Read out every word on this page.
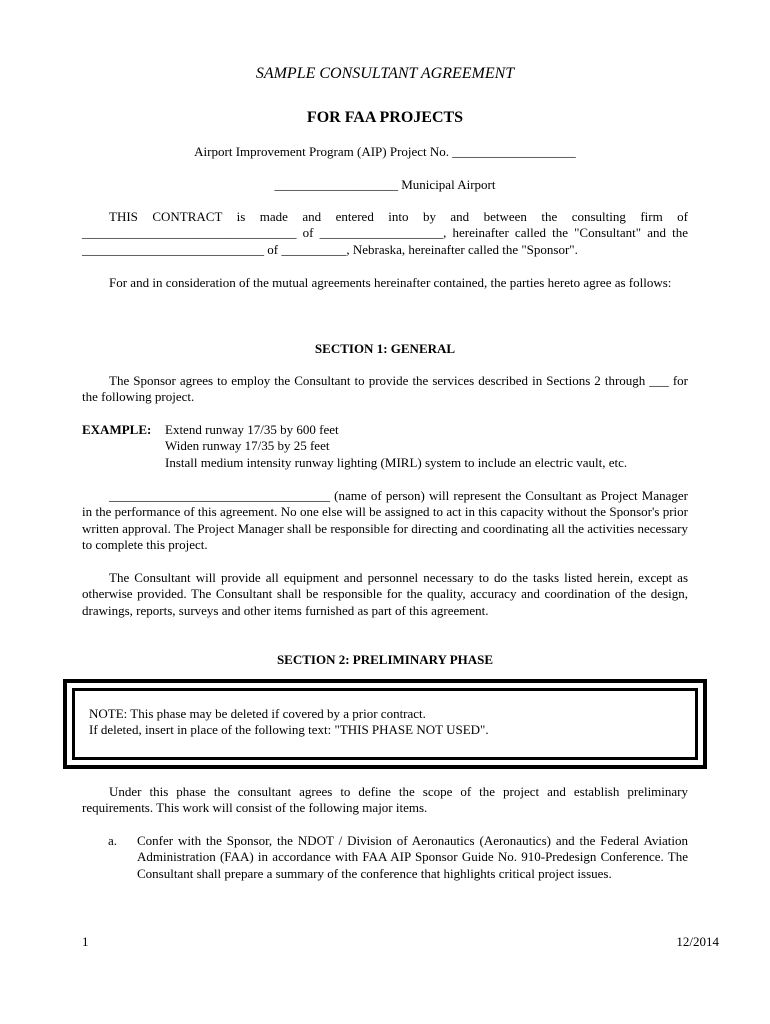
SAMPLE CONSULTANT AGREEMENT
FOR FAA PROJECTS
Airport Improvement Program (AIP) Project No. ___________________
___________________ Municipal Airport

THIS CONTRACT is made and entered into by and between the consulting firm of _________________________________ of ___________________, hereinafter called the "Consultant" and the ____________________________ of __________, Nebraska, hereinafter called the "Sponsor".

For and in consideration of the mutual agreements hereinafter contained, the parties hereto agree as follows:

SECTION 1: GENERAL

The Sponsor agrees to employ the Consultant to provide the services described in Sections 2 through ___ for the following project.

EXAMPLE: Extend runway 17/35 by 600 feet
Widen runway 17/35 by 25 feet
Install medium intensity runway lighting (MIRL) system to include an electric vault, etc.

__________________________________ (name of person) will represent the Consultant as Project Manager in the performance of this agreement. No one else will be assigned to act in this capacity without the Sponsor's prior written approval. The Project Manager shall be responsible for directing and coordinating all the activities necessary to complete this project.

The Consultant will provide all equipment and personnel necessary to do the tasks listed herein, except as otherwise provided. The Consultant shall be responsible for the quality, accuracy and coordination of the design, drawings, reports, surveys and other items furnished as part of this agreement.

SECTION 2: PRELIMINARY PHASE
NOTE: This phase may be deleted if covered by a prior contract.
If deleted, insert in place of the following text: "THIS PHASE NOT USED".

Under this phase the consultant agrees to define the scope of the project and establish preliminary requirements. This work will consist of the following major items.

a. Confer with the Sponsor, the NDOT / Division of Aeronautics (Aeronautics) and the Federal Aviation Administration (FAA) in accordance with FAA AIP Sponsor Guide No. 910-Predesign Conference. The Consultant shall prepare a summary of the conference that highlights critical project issues.

1	12/2014
